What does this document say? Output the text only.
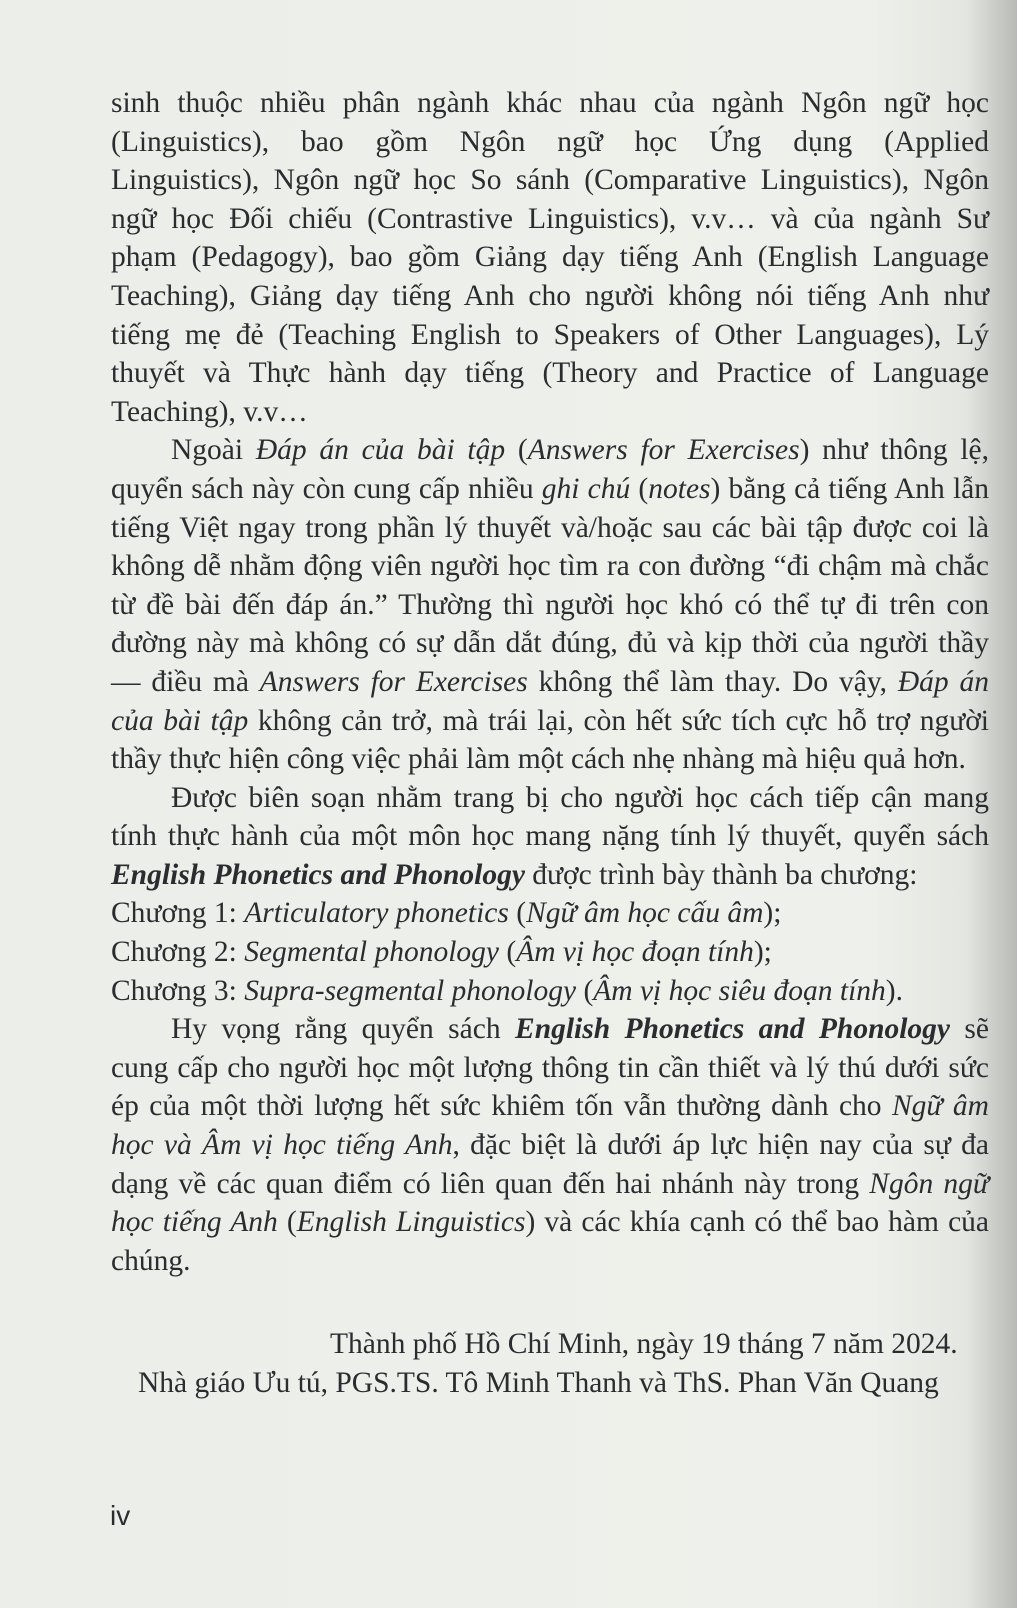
sinh thuộc nhiều phân ngành khác nhau của ngành Ngôn ngữ học
(Linguistics), bao gồm Ngôn ngữ học Ứng dụng (Applied
Linguistics), Ngôn ngữ học So sánh (Comparative Linguistics), Ngôn
ngữ học Đối chiếu (Contrastive Linguistics), v.v… và của ngành Sư
phạm (Pedagogy), bao gồm Giảng dạy tiếng Anh (English Language
Teaching), Giảng dạy tiếng Anh cho người không nói tiếng Anh như
tiếng mẹ đẻ (Teaching English to Speakers of Other Languages), Lý
thuyết và Thực hành dạy tiếng (Theory and Practice of Language
Teaching), v.v…

Ngoài Đáp án của bài tập (Answers for Exercises) như thông lệ, quyển sách này còn cung cấp nhiều ghi chú (notes) bằng cả tiếng Anh lẫn tiếng Việt ngay trong phần lý thuyết và/hoặc sau các bài tập được coi là không dễ nhằm động viên người học tìm ra con đường “đi chậm mà chắc từ đề bài đến đáp án.” Thường thì người học khó có thể tự đi trên con đường này mà không có sự dẫn dắt đúng, đủ và kịp thời của người thầy — điều mà Answers for Exercises không thể làm thay. Do vậy, Đáp án của bài tập không cản trở, mà trái lại, còn hết sức tích cực hỗ trợ người thầy thực hiện công việc phải làm một cách nhẹ nhàng mà hiệu quả hơn.

Được biên soạn nhằm trang bị cho người học cách tiếp cận mang tính thực hành của một môn học mang nặng tính lý thuyết, quyển sách English Phonetics and Phonology được trình bày thành ba chương:

Chương 1: Articulatory phonetics (Ngữ âm học cấu âm);
Chương 2: Segmental phonology (Âm vị học đoạn tính);
Chương 3: Supra-segmental phonology (Âm vị học siêu đoạn tính).

Hy vọng rằng quyển sách English Phonetics and Phonology sẽ cung cấp cho người học một lượng thông tin cần thiết và lý thú dưới sức ép của một thời lượng hết sức khiêm tốn vẫn thường dành cho Ngữ âm học và Âm vị học tiếng Anh, đặc biệt là dưới áp lực hiện nay của sự đa dạng về các quan điểm có liên quan đến hai nhánh này trong Ngôn ngữ học tiếng Anh (English Linguistics) và các khía cạnh có thể bao hàm của chúng.

Thành phố Hồ Chí Minh, ngày 19 tháng 7 năm 2024.
Nhà giáo Ưu tú, PGS.TS. Tô Minh Thanh và ThS. Phan Văn Quang
iv
